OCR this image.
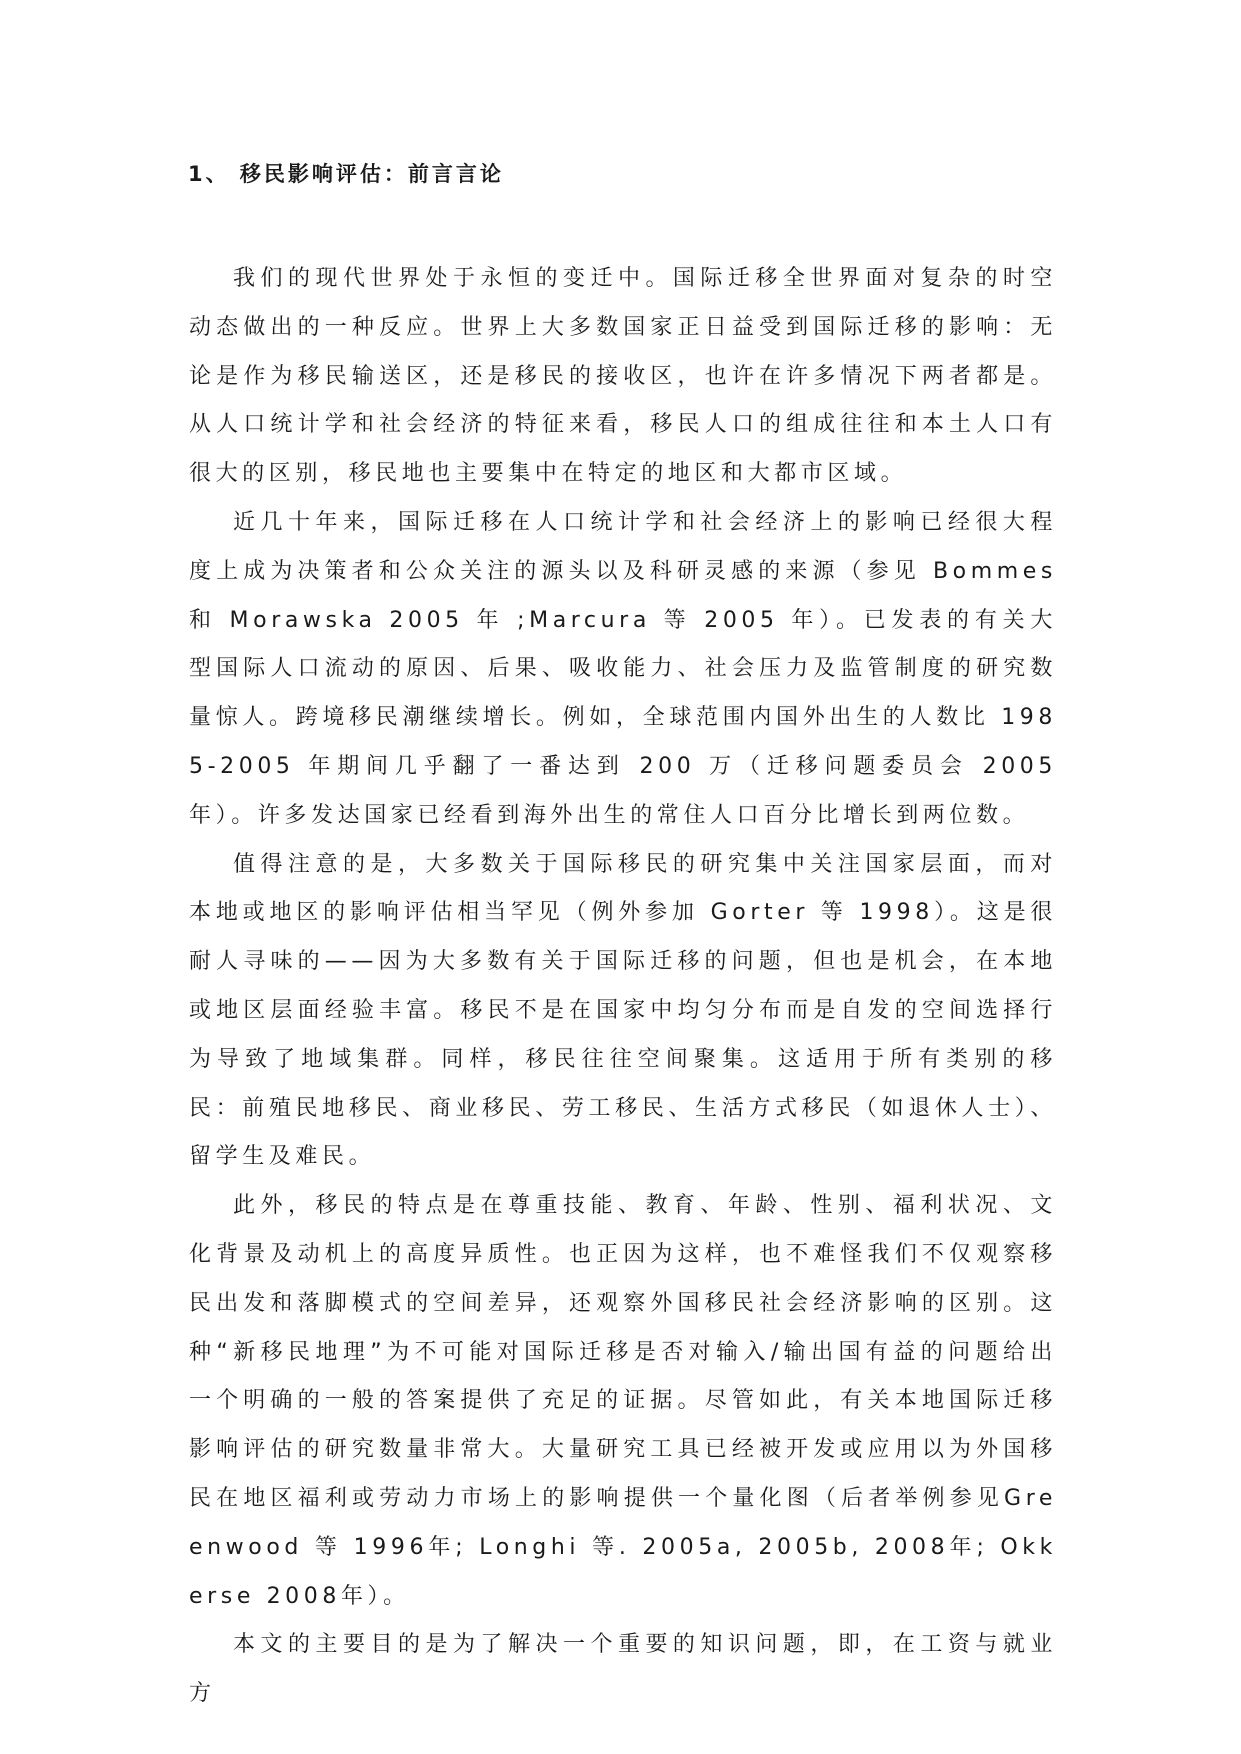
1、 移民影响评估：前言言论

我们的现代世界处于永恒的变迁中。国际迁移全世界面对复杂的时空动态做出的一种反应。世界上大多数国家正日益受到国际迁移的影响：无论是作为移民输送区，还是移民的接收区，也许在许多情况下两者都是。从人口统计学和社会经济的特征来看，移民人口的组成往往和本土人口有很大的区别，移民地也主要集中在特定的地区和大都市区域。

近几十年来，国际迁移在人口统计学和社会经济上的影响已经很大程度上成为决策者和公众关注的源头以及科研灵感的来源（参见 Bommes 和 Morawska 2005 年 ;Marcura 等 2005 年）。已发表的有关大型国际人口流动的原因、后果、吸收能力、社会压力及监管制度的研究数量惊人。跨境移民潮继续增长。例如，全球范围内国外出生的人数比 1985-2005 年期间几乎翻了一番达到 200 万（迁移问题委员会 2005 年）。许多发达国家已经看到海外出生的常住人口百分比增长到两位数。

值得注意的是，大多数关于国际移民的研究集中关注国家层面，而对本地或地区的影响评估相当罕见（例外参加 Gorter 等 1998）。这是很耐人寻味的——因为大多数有关于国际迁移的问题，但也是机会，在本地或地区层面经验丰富。移民不是在国家中均匀分布而是自发的空间选择行为导致了地域集群。同样，移民往往空间聚集。这适用于所有类别的移民：前殖民地移民、商业移民、劳工移民、生活方式移民（如退休人士）、留学生及难民。

此外，移民的特点是在尊重技能、教育、年龄、性别、福利状况、文化背景及动机上的高度异质性。也正因为这样，也不难怪我们不仅观察移民出发和落脚模式的空间差异，还观察外国移民社会经济影响的区别。这种“新移民地理”为不可能对国际迁移是否对输入/输出国有益的问题给出一个明确的一般的答案提供了充足的证据。尽管如此，有关本地国际迁移影响评估的研究数量非常大。大量研究工具已经被开发或应用以为外国移民在地区福利或劳动力市场上的影响提供一个量化图（后者举例参见Greenwood 等 1996年; Longhi 等. 2005a, 2005b, 2008年; Okkerse 2008年）。

本文的主要目的是为了解决一个重要的知识问题，即，在工资与就业方
